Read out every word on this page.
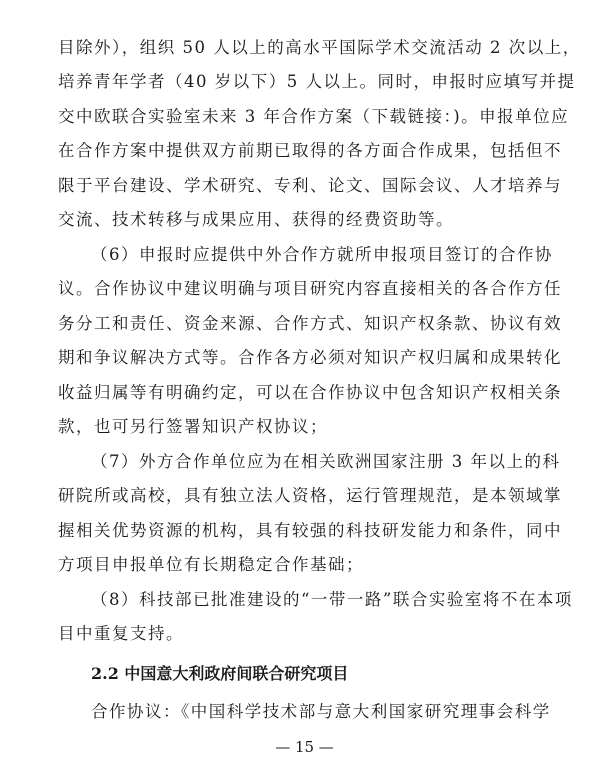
目除外），组织 50 人以上的高水平国际学术交流活动 2 次以上，
培养青年学者（40 岁以下）5 人以上。同时，申报时应填写并提
交中欧联合实验室未来 3 年合作方案（下载链接：)。申报单位应
在合作方案中提供双方前期已取得的各方面合作成果，包括但不
限于平台建设、学术研究、专利、论文、国际会议、人才培养与
交流、技术转移与成果应用、获得的经费资助等。
（6）申报时应提供中外合作方就所申报项目签订的合作协
议。合作协议中建议明确与项目研究内容直接相关的各合作方任
务分工和责任、资金来源、合作方式、知识产权条款、协议有效
期和争议解决方式等。合作各方必须对知识产权归属和成果转化
收益归属等有明确约定，可以在合作协议中包含知识产权相关条
款，也可另行签署知识产权协议；
（7）外方合作单位应为在相关欧洲国家注册 3 年以上的科
研院所或高校，具有独立法人资格，运行管理规范，是本领域掌
握相关优势资源的机构，具有较强的科技研发能力和条件，同中
方项目申报单位有长期稳定合作基础；
（8）科技部已批准建设的“一带一路”联合实验室将不在本项
目中重复支持。
2.2 中国意大利政府间联合研究项目
合作协议：《中国科学技术部与意大利国家研究理事会科学
— 15 —
